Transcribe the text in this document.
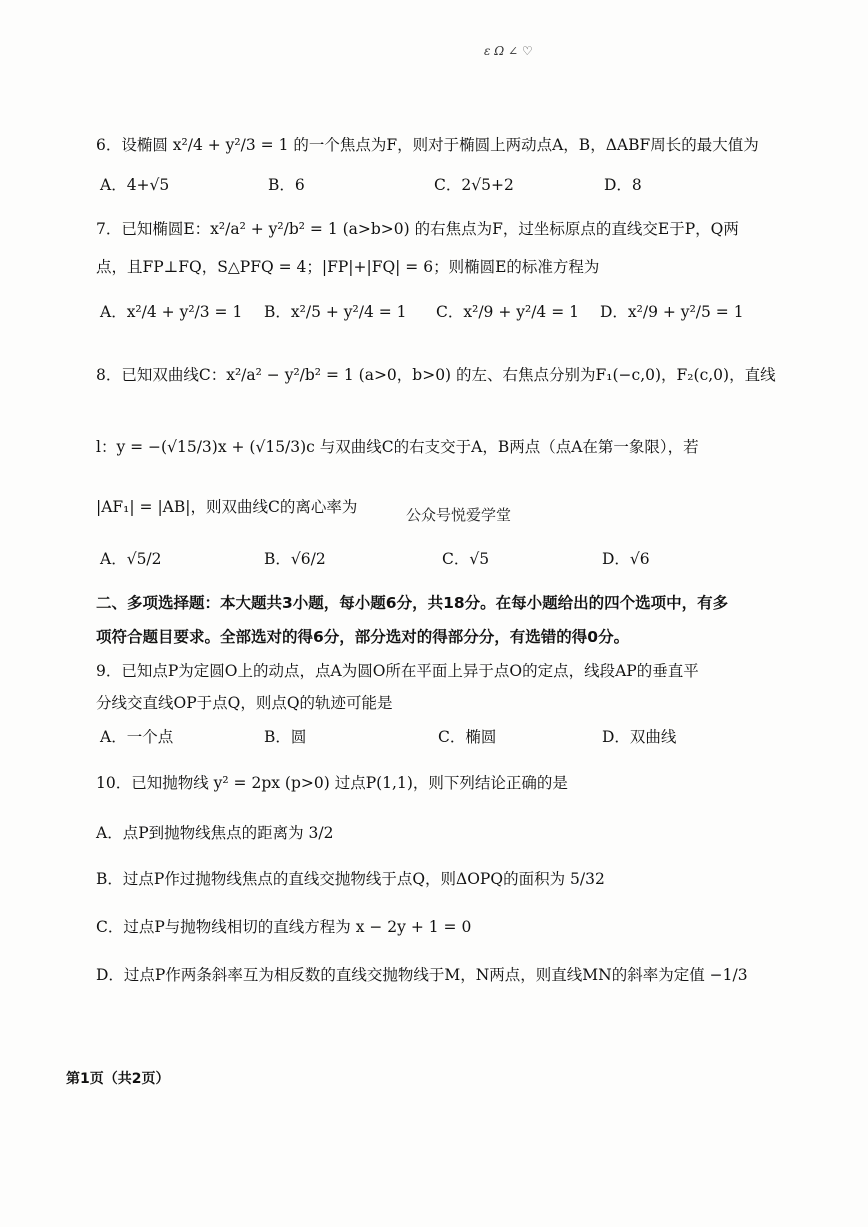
ε Ω ∠ ♡
6．设椭圆 x²/4 + y²/3 = 1 的一个焦点为F，则对于椭圆上两动点A，B，ΔABF周长的最大值为
A．4+√5	B．6	C．2√5+2	D．8
7．已知椭圆E：x²/a² + y²/b² = 1 (a>b>0) 的右焦点为F，过坐标原点的直线交E于P，Q两
点，且FP⊥FQ，S△PFQ = 4；|FP|+|FQ| = 6；则椭圆E的标准方程为
A．x²/4 + y²/3 = 1 B．x²/5 + y²/4 = 1 C．x²/9 + y²/4 = 1 D．x²/9 + y²/5 = 1
8．已知双曲线C：x²/a² − y²/b² = 1 (a>0，b>0) 的左、右焦点分别为F₁(−c,0)，F₂(c,0)，直线
l：y = −(√15/3)x + (√15/3)c 与双曲线C的右支交于A，B两点（点A在第一象限），若
|AF₁| = |AB|，则双曲线C的离心率为	公众号悦爱学堂
A．√5/2	B．√6/2	C．√5	D．√6
二、多项选择题：本大题共3小题，每小题6分，共18分。在每小题给出的四个选项中，有多
项符合题目要求。全部选对的得6分，部分选对的得部分分，有选错的得0分。
9．已知点P为定圆O上的动点，点A为圆O所在平面上异于点O的定点，线段AP的垂直平
分线交直线OP于点Q，则点Q的轨迹可能是
A．一个点	B．圆	C．椭圆	D．双曲线
10．已知抛物线 y² = 2px (p>0) 过点P(1,1)，则下列结论正确的是
A．点P到抛物线焦点的距离为 3/2
B．过点P作过抛物线焦点的直线交抛物线于点Q，则ΔOPQ的面积为 5/32
C．过点P与抛物线相切的直线方程为 x − 2y + 1 = 0
D．过点P作两条斜率互为相反数的直线交抛物线于M，N两点，则直线MN的斜率为定值 −1/3
第1页（共2页）
